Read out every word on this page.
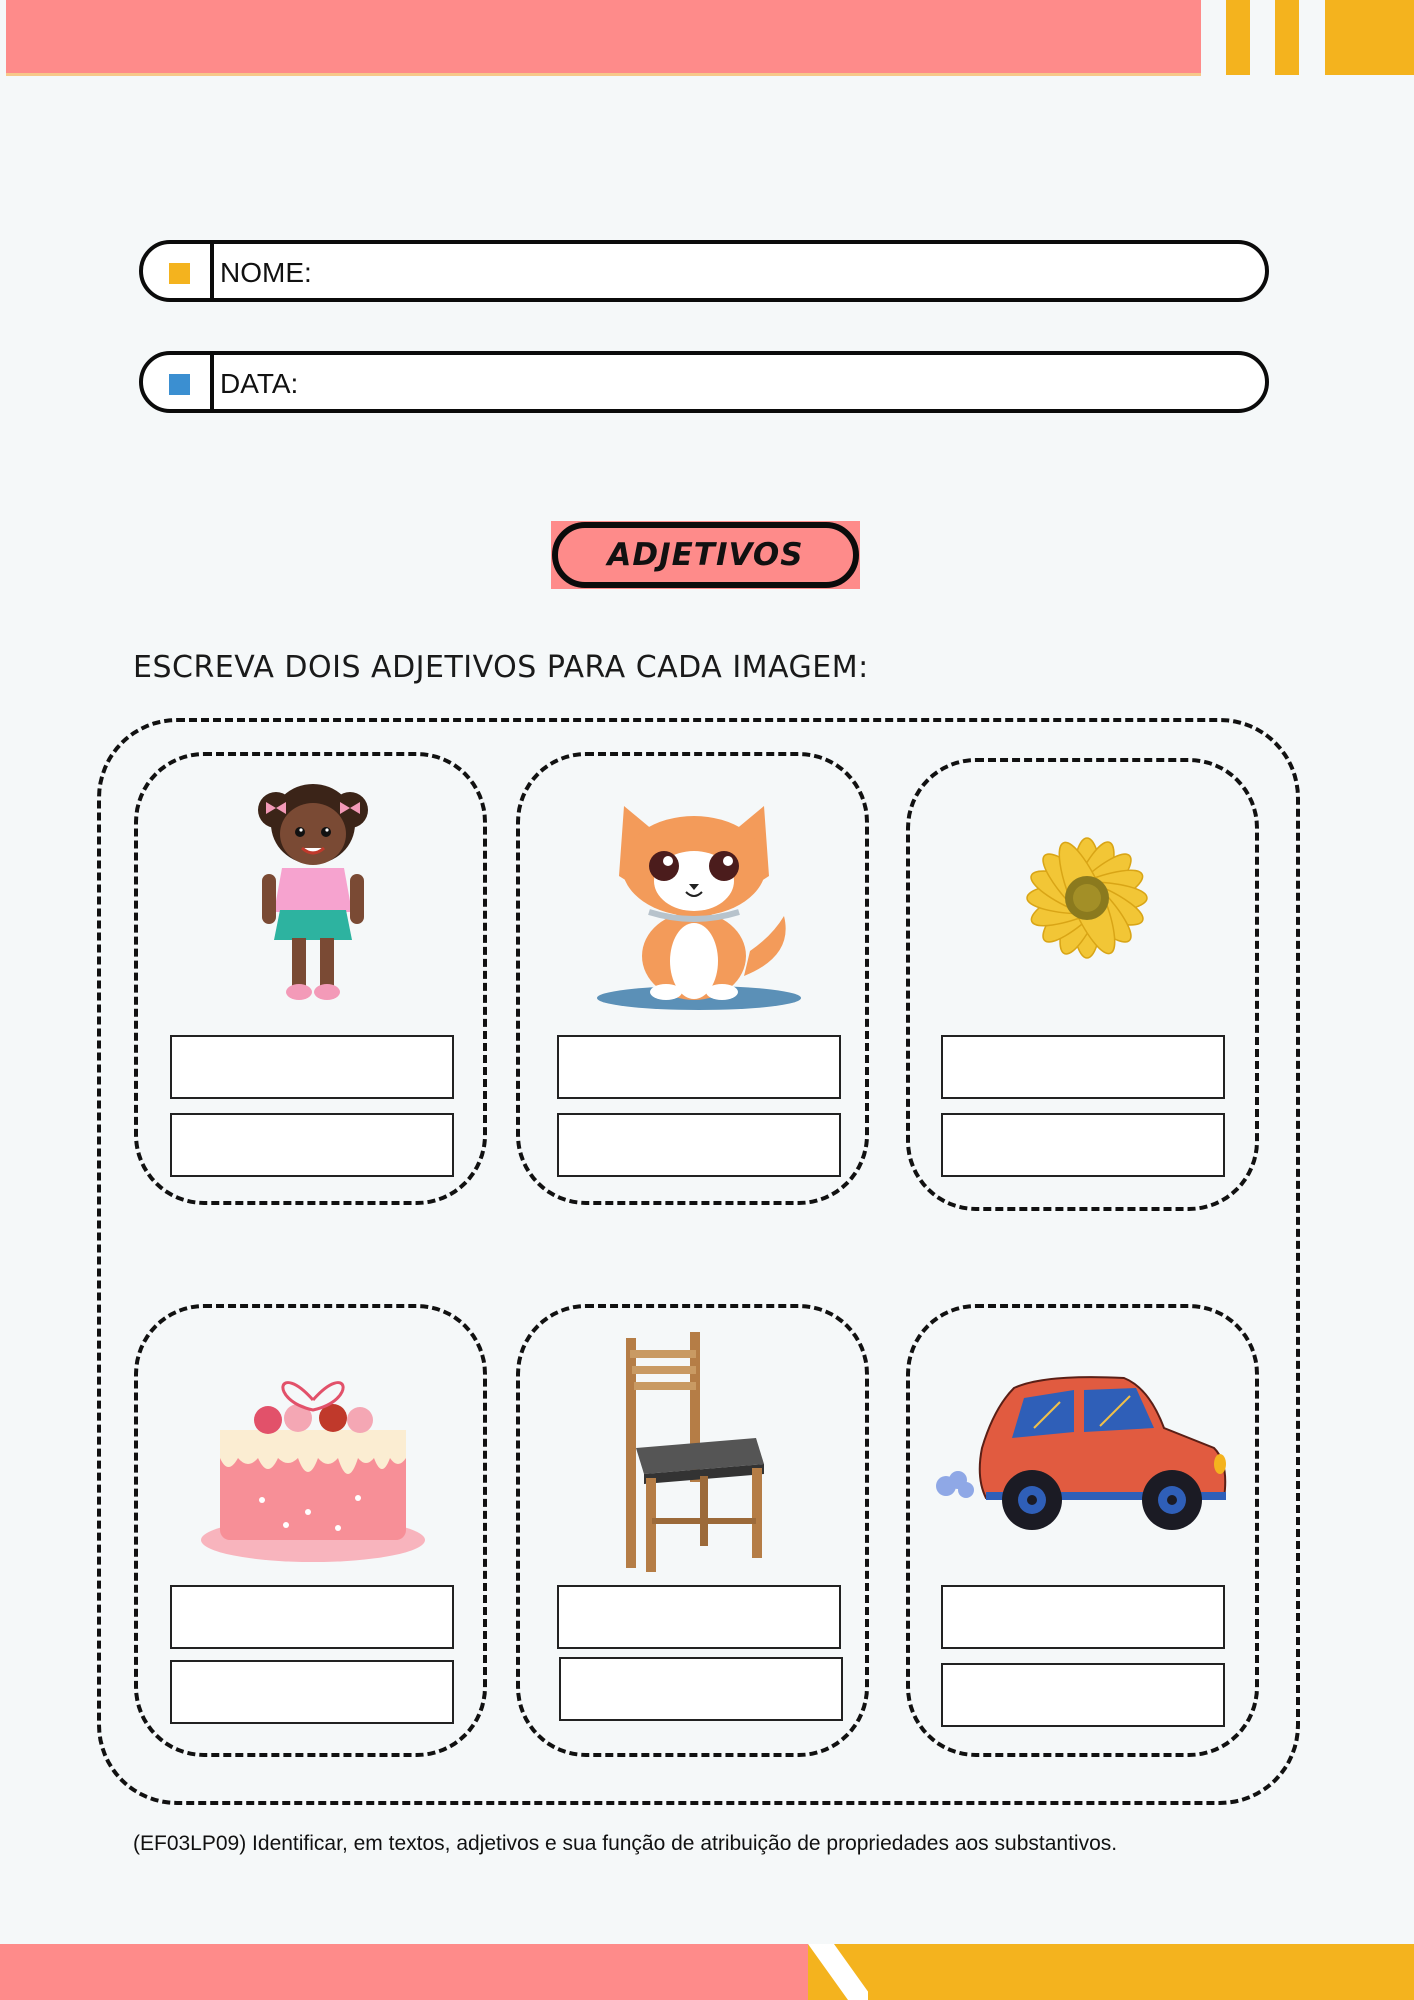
NOME:
DATA:
ADJETIVOS
ESCREVA DOIS ADJETIVOS PARA CADA IMAGEM:
(EF03LP09) Identificar, em textos, adjetivos e sua função de atribuição de propriedades aos substantivos.
